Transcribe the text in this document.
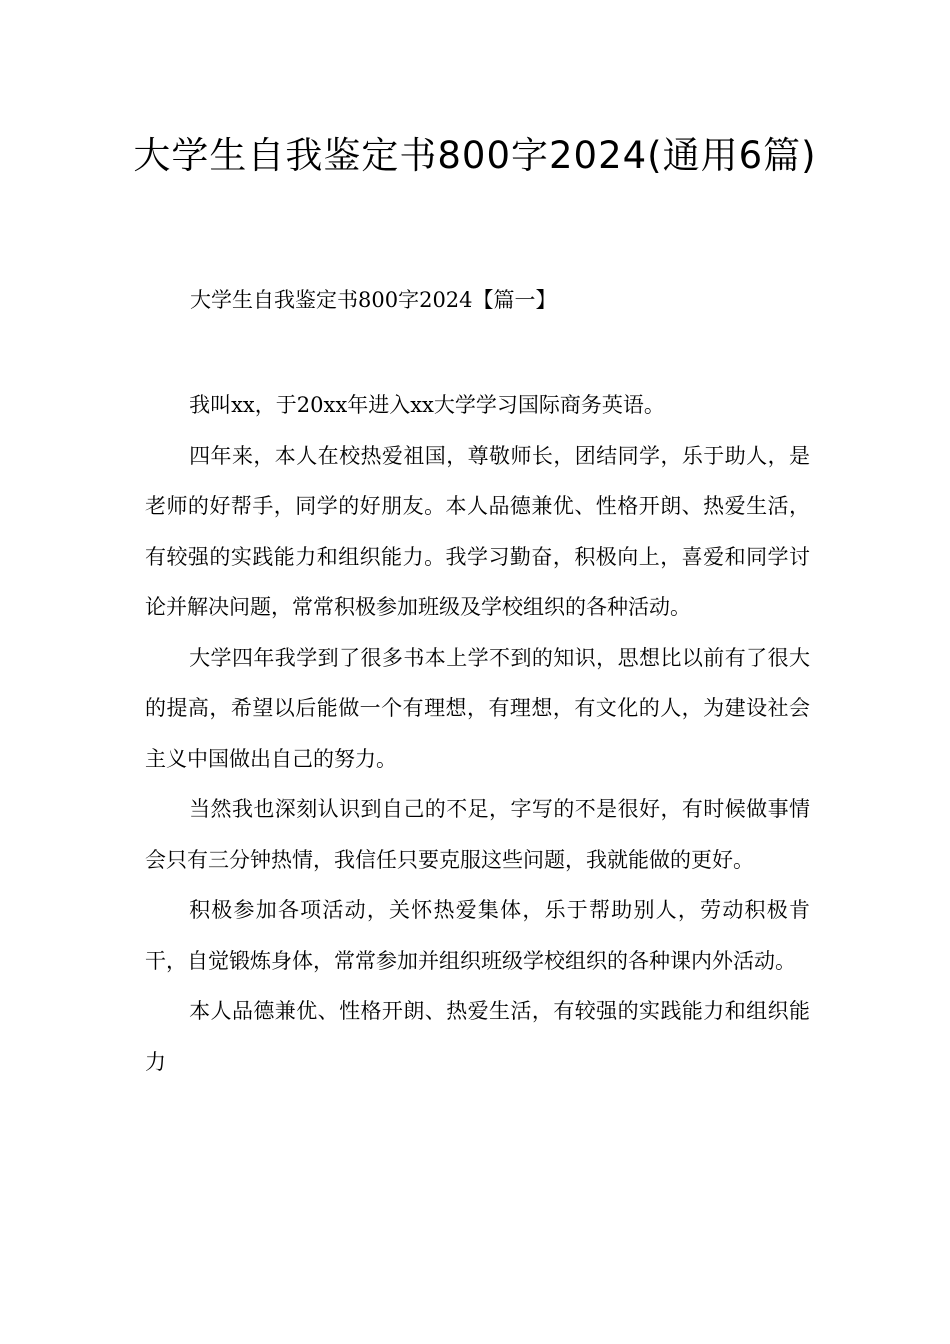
大学生自我鉴定书800字2024(通用6篇)
大学生自我鉴定书800字2024【篇一】

我叫xx，于20xx年进入xx大学学习国际商务英语。

四年来，本人在校热爱祖国，尊敬师长，团结同学，乐于助人，是老师的好帮手，同学的好朋友。本人品德兼优、性格开朗、热爱生活，有较强的实践能力和组织能力。我学习勤奋，积极向上，喜爱和同学讨论并解决问题，常常积极参加班级及学校组织的各种活动。

大学四年我学到了很多书本上学不到的知识，思想比以前有了很大的提高，希望以后能做一个有理想，有理想，有文化的人，为建设社会主义中国做出自己的努力。

当然我也深刻认识到自己的不足，字写的不是很好，有时候做事情会只有三分钟热情，我信任只要克服这些问题，我就能做的更好。

积极参加各项活动，关怀热爱集体，乐于帮助别人，劳动积极肯干，自觉锻炼身体，常常参加并组织班级学校组织的各种课内外活动。

本人品德兼优、性格开朗、热爱生活，有较强的实践能力和组织能力
